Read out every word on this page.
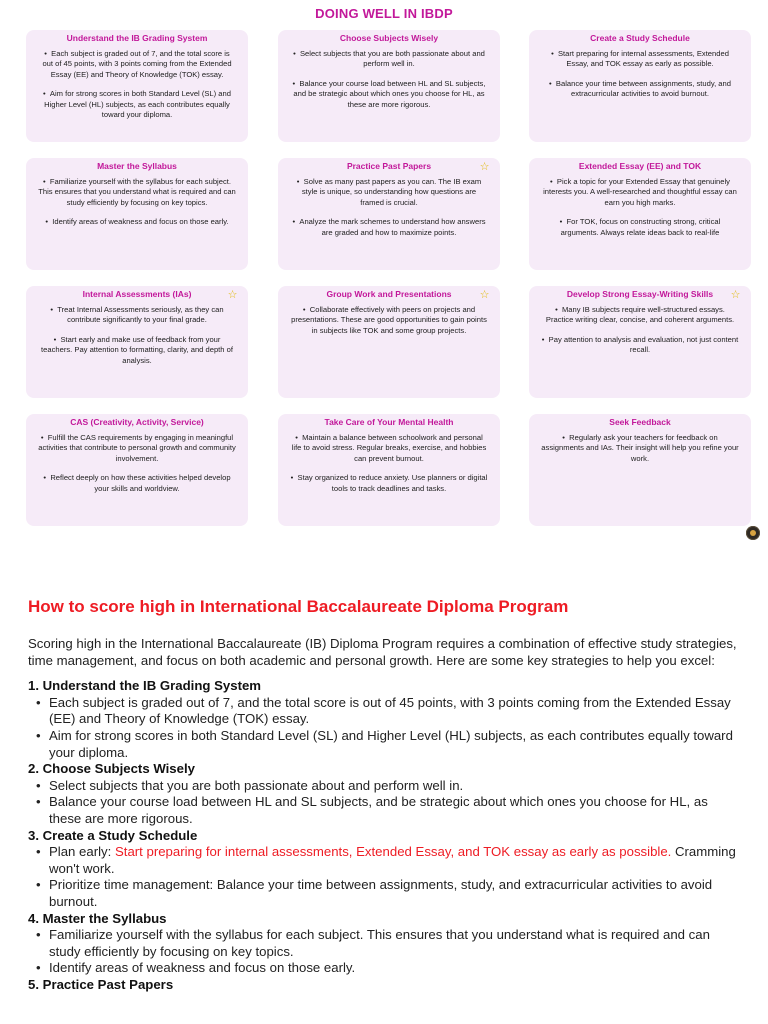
DOING WELL IN IBDP
Understand the IB Grading System
•  Each subject is graded out of 7, and the total score is out of 45 points, with 3 points coming from the Extended Essay (EE) and Theory of Knowledge (TOK) essay.
•  Aim for strong scores in both Standard Level (SL) and Higher Level (HL) subjects, as each contributes equally toward your diploma.
Choose Subjects Wisely
•  Select subjects that you are both passionate about and perform well in.
•  Balance your course load between HL and SL subjects, and be strategic about which ones you choose for HL, as these are more rigorous.
Create a Study Schedule
•  Start preparing for internal assessments, Extended Essay, and TOK essay as early as possible.
•  Balance your time between assignments, study, and extracurricular activities to avoid burnout.
Master the Syllabus
•  Familiarize yourself with the syllabus for each subject. This ensures that you understand what is required and can study efficiently by focusing on key topics.
•  Identify areas of weakness and focus on those early.
Practice Past Papers	☆
•  Solve as many past papers as you can. The IB exam style is unique, so understanding how questions are framed is crucial.
•  Analyze the mark schemes to understand how answers are graded and how to maximize points.
Extended Essay (EE) and TOK
•  Pick a topic for your Extended Essay that genuinely interests you. A well-researched and thoughtful essay can earn you high marks.
•  For TOK, focus on constructing strong, critical arguments. Always relate ideas back to real-life
Internal Assessments (IAs)	☆
•  Treat Internal Assessments seriously, as they can contribute significantly to your final grade.
•  Start early and make use of feedback from your teachers. Pay attention to formatting, clarity, and depth of analysis.
Group Work and Presentations	☆
•  Collaborate effectively with peers on projects and presentations. These are good opportunities to gain points in subjects like TOK and some group projects.
Develop Strong Essay-Writing Skills ☆
•  Many IB subjects require well-structured essays. Practice writing clear, concise, and coherent arguments.
•  Pay attention to analysis and evaluation, not just content recall.
CAS (Creativity, Activity, Service)
•  Fulfill the CAS requirements by engaging in meaningful activities that contribute to personal growth and community involvement.
•  Reflect deeply on how these activities helped develop your skills and worldview.
Take Care of Your Mental Health
•  Maintain a balance between schoolwork and personal life to avoid stress. Regular breaks, exercise, and hobbies can prevent burnout.
•  Stay organized to reduce anxiety. Use planners or digital tools to track deadlines and tasks.
Seek Feedback
•  Regularly ask your teachers for feedback on assignments and IAs. Their insight will help you refine your work.
How to score high in International Baccalaureate Diploma Program

Scoring high in the International Baccalaureate (IB) Diploma Program requires a combination of effective study strategies, time management, and focus on both academic and personal growth. Here are some key strategies to help you excel:

1. Understand the IB Grading System
• Each subject is graded out of 7, and the total score is out of 45 points, with 3 points coming from the Extended Essay (EE) and Theory of Knowledge (TOK) essay.
• Aim for strong scores in both Standard Level (SL) and Higher Level (HL) subjects, as each contributes equally toward your diploma.
2. Choose Subjects Wisely
• Select subjects that you are both passionate about and perform well in.
• Balance your course load between HL and SL subjects, and be strategic about which ones you choose for HL, as these are more rigorous.
3. Create a Study Schedule
• Plan early: Start preparing for internal assessments, Extended Essay, and TOK essay as early as possible. Cramming won't work.
• Prioritize time management: Balance your time between assignments, study, and extracurricular activities to avoid burnout.
4. Master the Syllabus
• Familiarize yourself with the syllabus for each subject. This ensures that you understand what is required and can study efficiently by focusing on key topics.
• Identify areas of weakness and focus on those early.
5. Practice Past Papers
